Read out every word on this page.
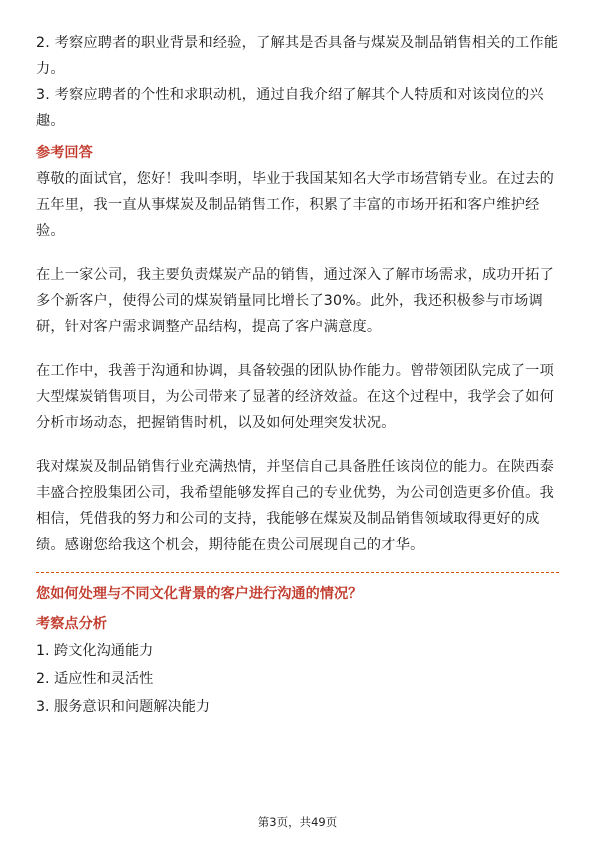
2. 考察应聘者的职业背景和经验，了解其是否具备与煤炭及制品销售相关的工作能力。

3. 考察应聘者的个性和求职动机，通过自我介绍了解其个人特质和对该岗位的兴趣。

参考回答

尊敬的面试官，您好！我叫李明，毕业于我国某知名大学市场营销专业。在过去的五年里，我一直从事煤炭及制品销售工作，积累了丰富的市场开拓和客户维护经验。

在上一家公司，我主要负责煤炭产品的销售，通过深入了解市场需求，成功开拓了多个新客户，使得公司的煤炭销量同比增长了30%。此外，我还积极参与市场调研，针对客户需求调整产品结构，提高了客户满意度。

在工作中，我善于沟通和协调，具备较强的团队协作能力。曾带领团队完成了一项大型煤炭销售项目，为公司带来了显著的经济效益。在这个过程中，我学会了如何分析市场动态，把握销售时机，以及如何处理突发状况。

我对煤炭及制品销售行业充满热情，并坚信自己具备胜任该岗位的能力。在陕西泰丰盛合控股集团公司，我希望能够发挥自己的专业优势，为公司创造更多价值。我相信，凭借我的努力和公司的支持，我能够在煤炭及制品销售领域取得更好的成绩。感谢您给我这个机会，期待能在贵公司展现自己的才华。

您如何处理与不同文化背景的客户进行沟通的情况？

考察点分析

1. 跨文化沟通能力

2. 适应性和灵活性

3. 服务意识和问题解决能力

第3页，共49页
